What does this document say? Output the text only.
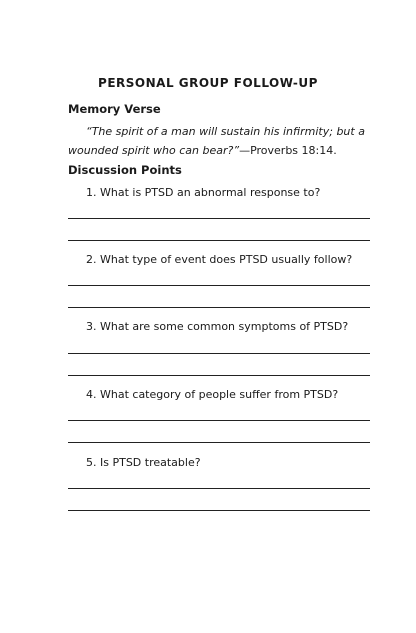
PERSONAL GROUP FOLLOW-UP
Memory Verse
“The spirit of a man will sustain his infirmity; but a wounded spirit who can bear?”—Proverbs 18:14.
Discussion Points
1. What is PTSD an abnormal response to?
2. What type of event does PTSD usually follow?
3. What are some common symptoms of PTSD?
4. What category of people suffer from PTSD?
5. Is PTSD treatable?
